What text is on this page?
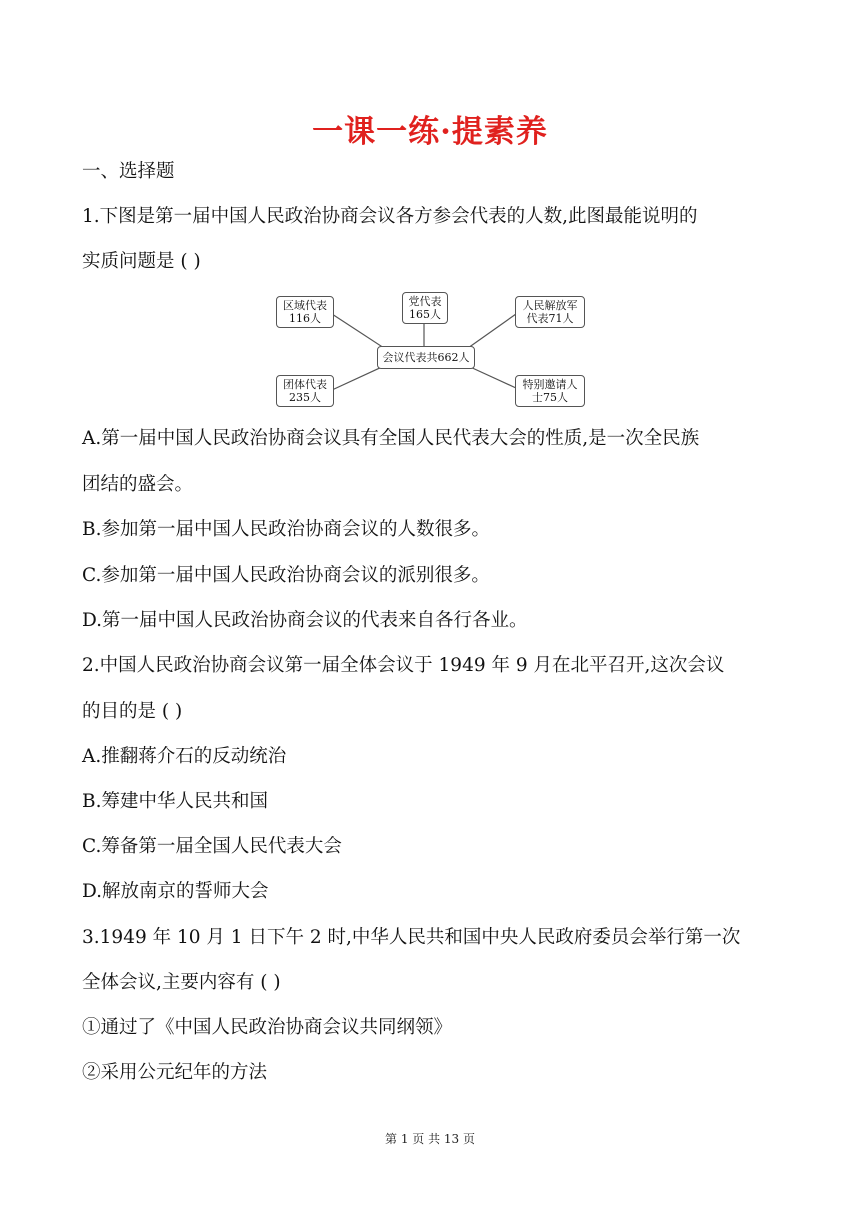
一课一练·提素养
一、选择题
1.下图是第一届中国人民政治协商会议各方参会代表的人数,此图最能说明的
实质问题是 ( )
区域代表
116人
党代表
165人
人民解放军
代表71人
会议代表共662人
团体代表
235人
特别邀请人
士75人
A.第一届中国人民政治协商会议具有全国人民代表大会的性质,是一次全民族
团结的盛会。
B.参加第一届中国人民政治协商会议的人数很多。
C.参加第一届中国人民政治协商会议的派别很多。
D.第一届中国人民政治协商会议的代表来自各行各业。
2.中国人民政治协商会议第一届全体会议于 1949 年 9 月在北平召开,这次会议
的目的是 ( )
A.推翻蒋介石的反动统治
B.筹建中华人民共和国
C.筹备第一届全国人民代表大会
D.解放南京的誓师大会
3.1949 年 10 月 1 日下午 2 时,中华人民共和国中央人民政府委员会举行第一次
全体会议,主要内容有 ( )
①通过了《中国人民政治协商会议共同纲领》
②采用公元纪年的方法
第 1 页 共 13 页
